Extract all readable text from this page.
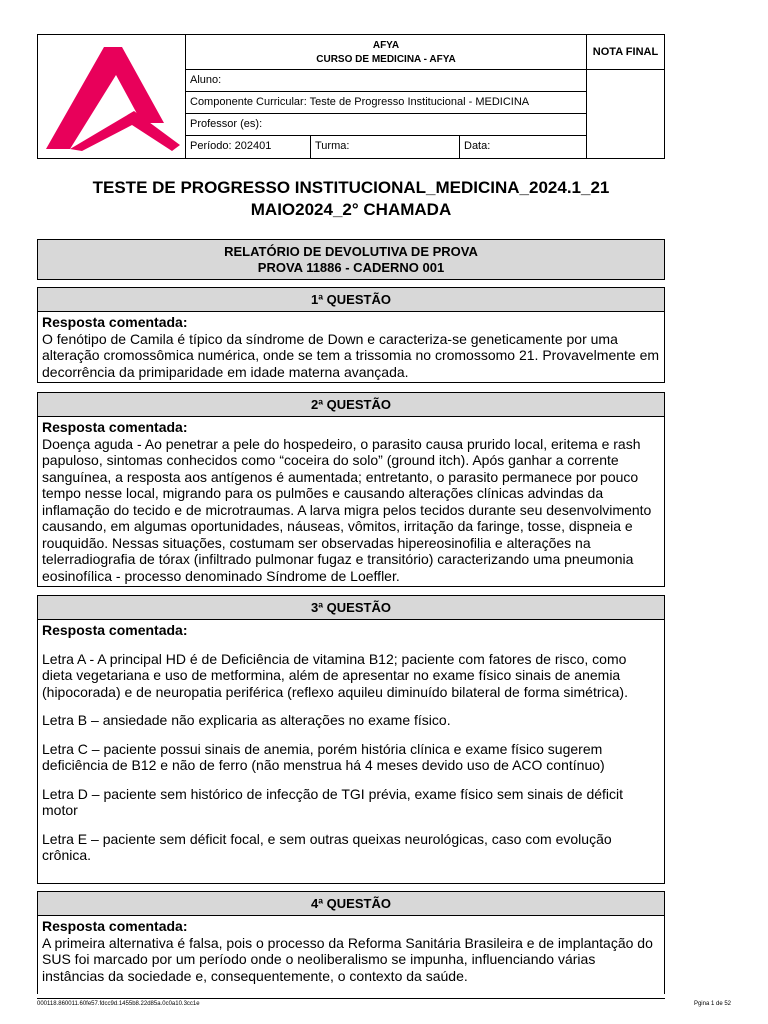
AFYA
CURSO DE MEDICINA - AFYA
Aluno:
Componente Curricular: Teste de Progresso Institucional - MEDICINA
Professor (es):
Período: 202401	Turma:	Data:
NOTA FINAL
TESTE DE PROGRESSO INSTITUCIONAL_MEDICINA_2024.1_21
MAIO2024_2° CHAMADA
RELATÓRIO DE DEVOLUTIVA DE PROVA
PROVA 11886 - CADERNO 001
1ª QUESTÃO
Resposta comentada:

O fenótipo de Camila é típico da síndrome de Down e caracteriza-se geneticamente por uma alteração cromossômica numérica, onde se tem a trissomia no cromossomo 21. Provavelmente em decorrência da primiparidade em idade materna avançada.

2ª QUESTÃO
Resposta comentada:

Doença aguda - Ao penetrar a pele do hospedeiro, o parasito causa prurido local, eritema e rash papuloso, sintomas conhecidos como “coceira do solo” (ground itch). Após ganhar a corrente sanguínea, a resposta aos antígenos é aumentada; entretanto, o parasito permanece por pouco tempo nesse local, migrando para os pulmões e causando alterações clínicas advindas da inflamação do tecido e de microtraumas. A larva migra pelos tecidos durante seu desenvolvimento causando, em algumas oportunidades, náuseas, vômitos, irritação da faringe, tosse, dispneia e rouquidão. Nessas situações, costumam ser observadas hipereosinofilia e alterações na telerradiografia de tórax (infiltrado pulmonar fugaz e transitório) caracterizando uma pneumonia eosinofílica - processo denominado Síndrome de Loeffler.

3ª QUESTÃO
Resposta comentada:

Letra A - A principal HD é de Deficiência de vitamina B12; paciente com fatores de risco, como dieta vegetariana e uso de metformina, além de apresentar no exame físico sinais de anemia (hipocorada) e de neuropatia periférica (reflexo aquileu diminuído bilateral de forma simétrica).

Letra B – ansiedade não explicaria as alterações no exame físico.

Letra C – paciente possui sinais de anemia, porém história clínica e exame físico sugerem deficiência de B12 e não de ferro (não menstrua há 4 meses devido uso de ACO contínuo)

Letra D – paciente sem histórico de infecção de TGI prévia, exame físico sem sinais de déficit motor

Letra E – paciente sem déficit focal, e sem outras queixas neurológicas, caso com evolução crônica.

4ª QUESTÃO
Resposta comentada:

A primeira alternativa é falsa, pois o processo da Reforma Sanitária Brasileira e de implantação do SUS foi marcado por um período onde o neoliberalismo se impunha, influenciando várias instâncias da sociedade e, consequentemente, o contexto da saúde.

000118.860011.60fe57.fdcc9d.1455b8.22d85a.0c0a10.3cc1e	Pgina 1 de 52
